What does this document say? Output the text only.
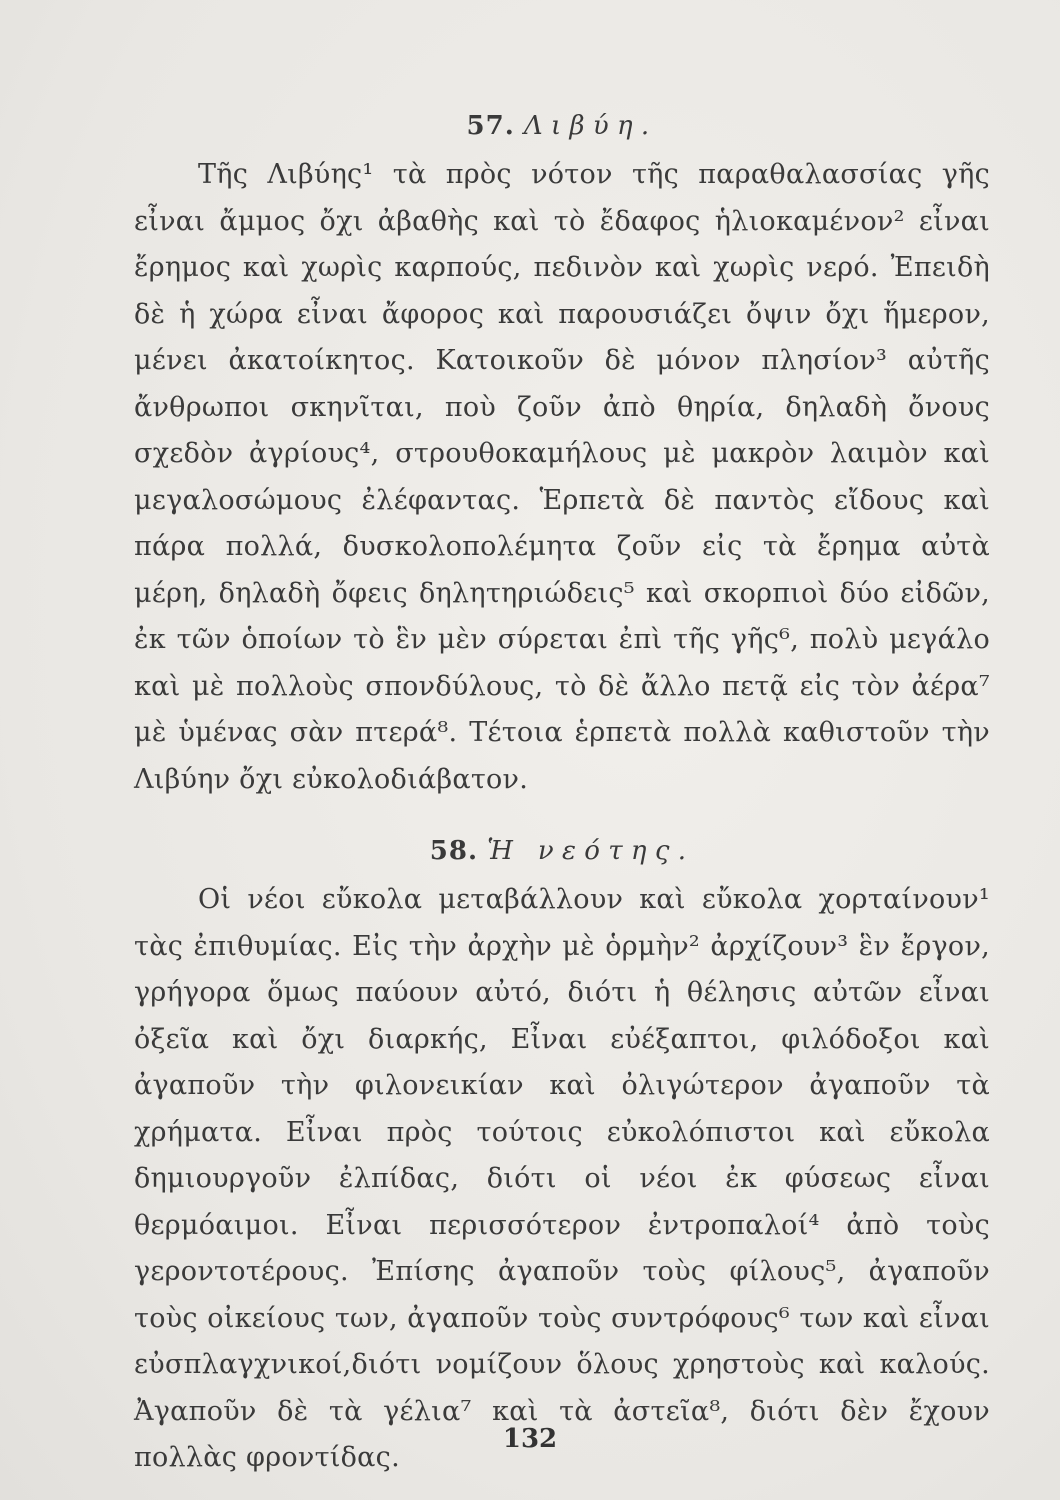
57. Λιβύη.

Τῆς Λιβύης¹ τὰ πρὸς νότον τῆς παραθαλασσίας γῆς εἶναι ἄμμος ὄχι ἀβαθὴς καὶ τὸ ἔδαφος ἡλιοκαμένον² εἶναι ἔρημος καὶ χωρὶς καρπούς, πεδινὸν καὶ χωρὶς νερό. Ἐπειδὴ δὲ ἡ χώρα εἶναι ἄφορος καὶ παρουσιάζει ὄψιν ὄχι ἥμερον, μένει ἀκατοίκητος. Κατοικοῦν δὲ μόνον πλησίον³ αὐτῆς ἄνθρωποι σκηνῖται, ποὺ ζοῦν ἀπὸ θηρία, δηλαδὴ ὄνους σχεδὸν ἀγρίους⁴, στρουθοκαμήλους μὲ μακρὸν λαιμὸν καὶ μεγαλοσώμους ἐλέφαντας. Ἑρπετὰ δὲ παντὸς εἴδους καὶ πάρα πολλά, δυσκολοπολέμητα ζοῦν εἰς τὰ ἔρημα αὐτὰ μέρη, δηλαδὴ ὄφεις δηλητηριώδεις⁵ καὶ σκορπιοὶ δύο εἰδῶν, ἐκ τῶν ὁποίων τὸ ἓν μὲν σύρεται ἐπὶ τῆς γῆς⁶, πολὺ μεγάλο καὶ μὲ πολλοὺς σπονδύλους, τὸ δὲ ἄλλο πετᾷ εἰς τὸν ἀέρα⁷ μὲ ὑμένας σὰν πτερά⁸. Τέτοια ἑρπετὰ πολλὰ καθιστοῦν τὴν Λιβύην ὄχι εὐκολοδιάβατον.

58. Ἡ νεότης.

Οἱ νέοι εὔκολα μεταβάλλουν καὶ εὔκολα χορταίνουν¹ τὰς ἐπιθυμίας. Εἰς τὴν ἀρχὴν μὲ ὁρμὴν² ἀρχίζουν³ ἓν ἔργον, γρήγορα ὅμως παύουν αὐτό, διότι ἡ θέλησις αὐτῶν εἶναι ὀξεῖα καὶ ὄχι διαρκής, Εἶναι εὐέξαπτοι, φιλόδοξοι καὶ ἀγαποῦν τὴν φιλονεικίαν καὶ ὀλιγώτερον ἀγαποῦν τὰ χρήματα. Εἶναι πρὸς τούτοις εὐκολόπιστοι καὶ εὔκολα δημιουργοῦν ἐλπίδας, διότι οἱ νέοι ἐκ φύσεως εἶναι θερμόαιμοι. Εἶναι περισσότερον ἐντροπαλοί⁴ ἀπὸ τοὺς γεροντοτέρους. Ἐπίσης ἀγαποῦν τοὺς φίλους⁵, ἀγαποῦν τοὺς οἰκείους των, ἀγαποῦν τοὺς συντρόφους⁶ των καὶ εἶναι εὐσπλαγχνικοί,διότι νομίζουν ὅλους χρηστοὺς καὶ καλούς. Ἀγαποῦν δὲ τὰ γέλια⁷ καὶ τὰ ἀστεῖα⁸, διότι δὲν ἔχουν πολλὰς φροντίδας.

132
